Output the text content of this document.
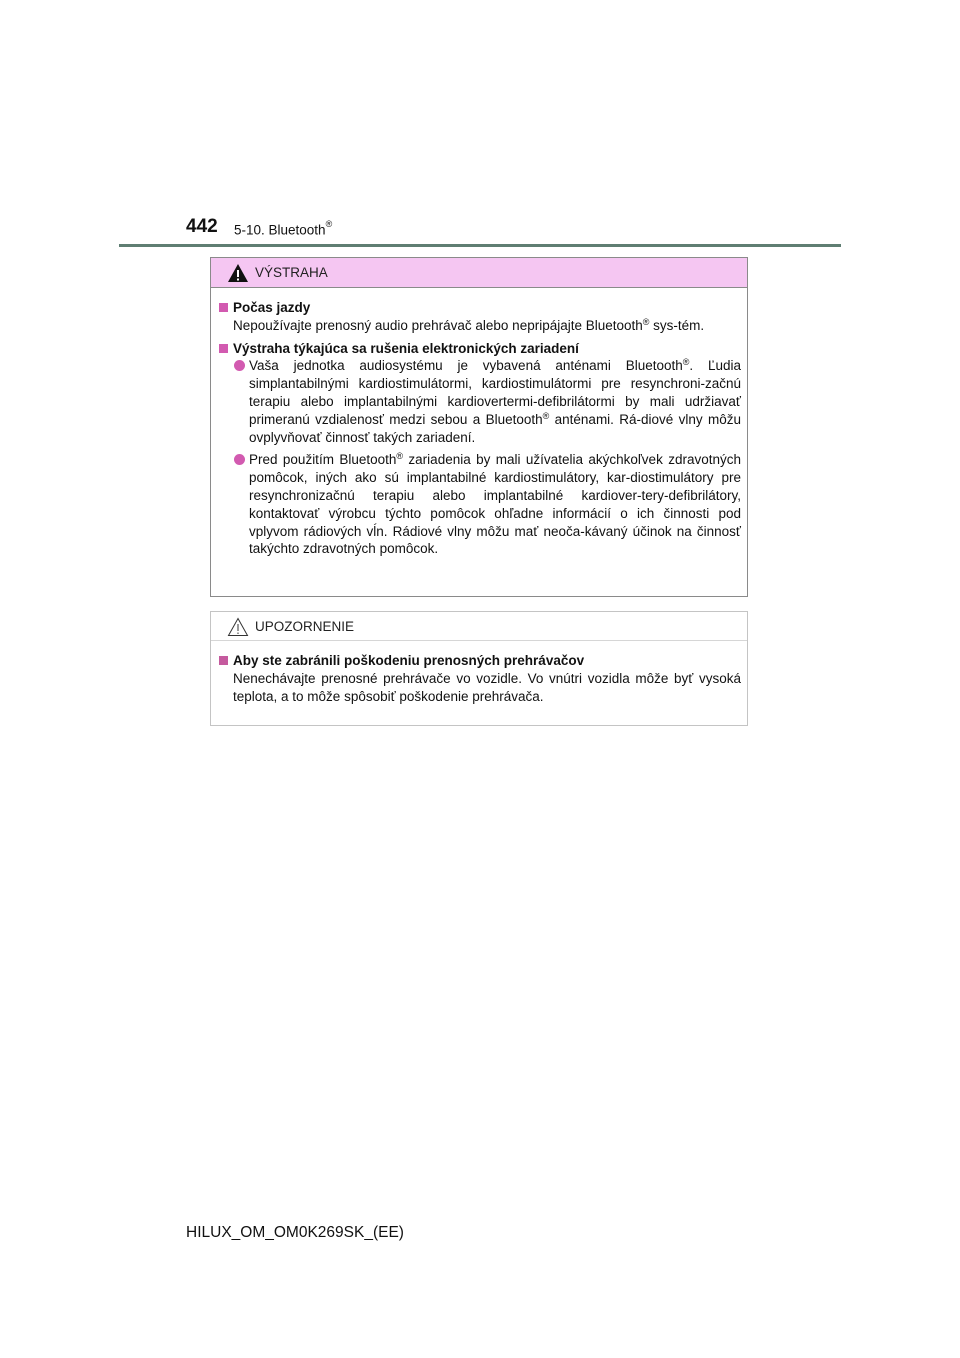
442 5-10. Bluetooth®
VÝSTRAHA
Počas jazdy
Nepoužívajte prenosný audio prehrávač alebo nepripájajte Bluetooth® sys-tém.
Výstraha týkajúca sa rušenia elektronických zariadení
Vaša jednotka audiosystému je vybavená anténami Bluetooth®. Ľudia simplantabilnými kardiostimulátormi, kardiostimulátormi pre resynchroni-začnú terapiu alebo implantabilnými kardiovertermi-defibrilátormi by mali udržiavať primeranú vzdialenosť medzi sebou a Bluetooth® anténami. Rá-diové vlny môžu ovplyvňovať činnosť takých zariadení.
Pred použitím Bluetooth® zariadenia by mali užívatelia akýchkoľvek zdravotných pomôcok, iných ako sú implantabilné kardiostimulátory, kar-diostimulátory pre resynchronizačnú terapiu alebo implantabilné kardiover-tery-defibrilátory, kontaktovať výrobcu týchto pomôcok ohľadne informácií o ich činnosti pod vplyvom rádiových vĺn. Rádiové vlny môžu mať neoča-kávaný účinok na činnosť takýchto zdravotných pomôcok.
UPOZORNENIE
Aby ste zabránili poškodeniu prenosných prehrávačov
Nenechávajte prenosné prehrávače vo vozidle. Vo vnútri vozidla môže byť vysoká teplota, a to môže spôsobiť poškodenie prehrávača.
HILUX_OM_OM0K269SK_(EE)
